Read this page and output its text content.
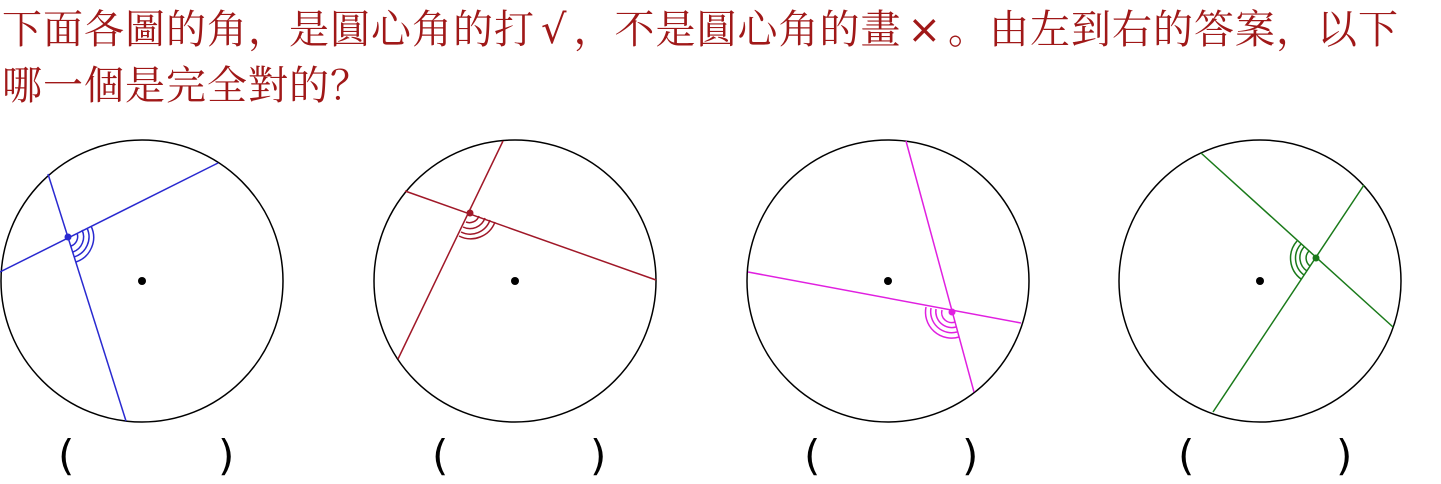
下面各圖的角，是圓心角的打 √ ，不是圓心角的畫 × 。由左到右的答案，以下哪一個是完全對的？

(	)	(	)	(	)	(	)
